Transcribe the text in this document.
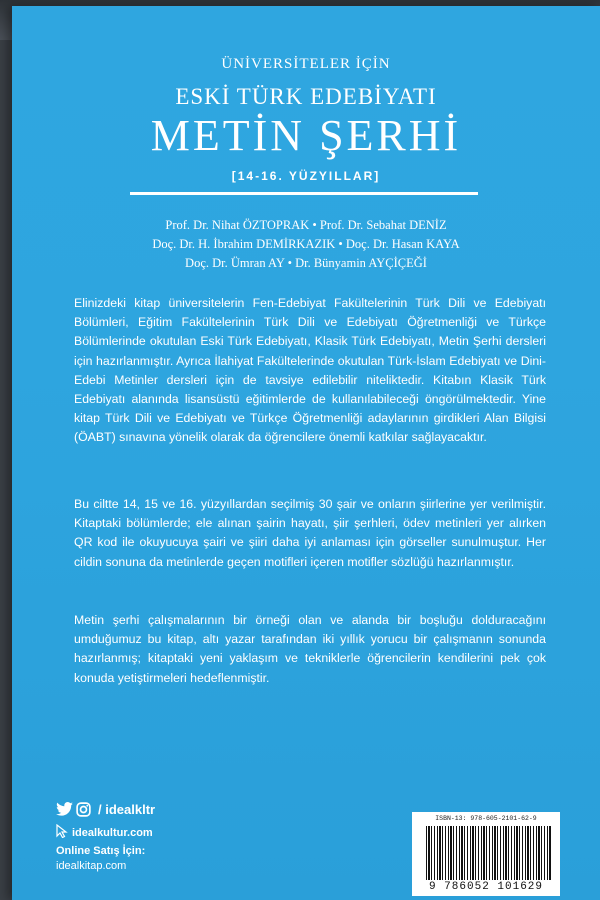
ÜNİVERSİTELER İÇİN
ESKİ TÜRK EDEBİYATI
METİN ŞERHİ
[14-16. YÜZYILLAR]
Prof. Dr. Nihat ÖZTOPRAK • Prof. Dr. Sebahat DENİZ
Doç. Dr. H. İbrahim DEMİRKAZIK • Doç. Dr. Hasan KAYA
Doç. Dr. Ümran AY • Dr. Bünyamin AYÇİÇEĞİ
Elinizdeki kitap üniversitelerin Fen-Edebiyat Fakültelerinin Türk Dili ve Edebiyatı Bölümleri, Eğitim Fakültelerinin Türk Dili ve Edebiyatı Öğretmenliği ve Türkçe Bölümlerinde okutulan Eski Türk Edebiyatı, Klasik Türk Edebiyatı, Metin Şerhi dersleri için hazırlanmıştır. Ayrıca İlahiyat Fakültelerinde okutulan Türk-İslam Edebiyatı ve Dini-Edebi Metinler dersleri için de tavsiye edilebilir niteliktedir. Kitabın Klasik Türk Edebiyatı alanında lisansüstü eğitimlerde de kullanılabileceği öngörülmektedir. Yine kitap Türk Dili ve Edebiyatı ve Türkçe Öğretmenliği adaylarının girdikleri Alan Bilgisi (ÖABT) sınavına yönelik olarak da öğrencilere önemli katkılar sağlayacaktır.
Bu ciltte 14, 15 ve 16. yüzyıllardan seçilmiş 30 şair ve onların şiirlerine yer verilmiştir. Kitaptaki bölümlerde; ele alınan şairin hayatı, şiir şerhleri, ödev metinleri yer alırken QR kod ile okuyucuya şairi ve şiiri daha iyi anlaması için görseller sunulmuştur. Her cildin sonuna da metinlerde geçen motifleri içeren motifler sözlüğü hazırlanmıştır.
Metin şerhi çalışmalarının bir örneği olan ve alanda bir boşluğu dolduracağını umduğumuz bu kitap, altı yazar tarafından iki yıllık yorucu bir çalışmanın sonunda hazırlanmış; kitaptaki yeni yaklaşım ve tekniklerle öğrencilerin kendilerini pek çok konuda yetiştirmeleri hedeflenmiştir.
/ idealkltr
idealkultur.com
Online Satış İçin:
idealkitap.com
ISBN-13: 978-605-2101-62-9
9 786052 101629
